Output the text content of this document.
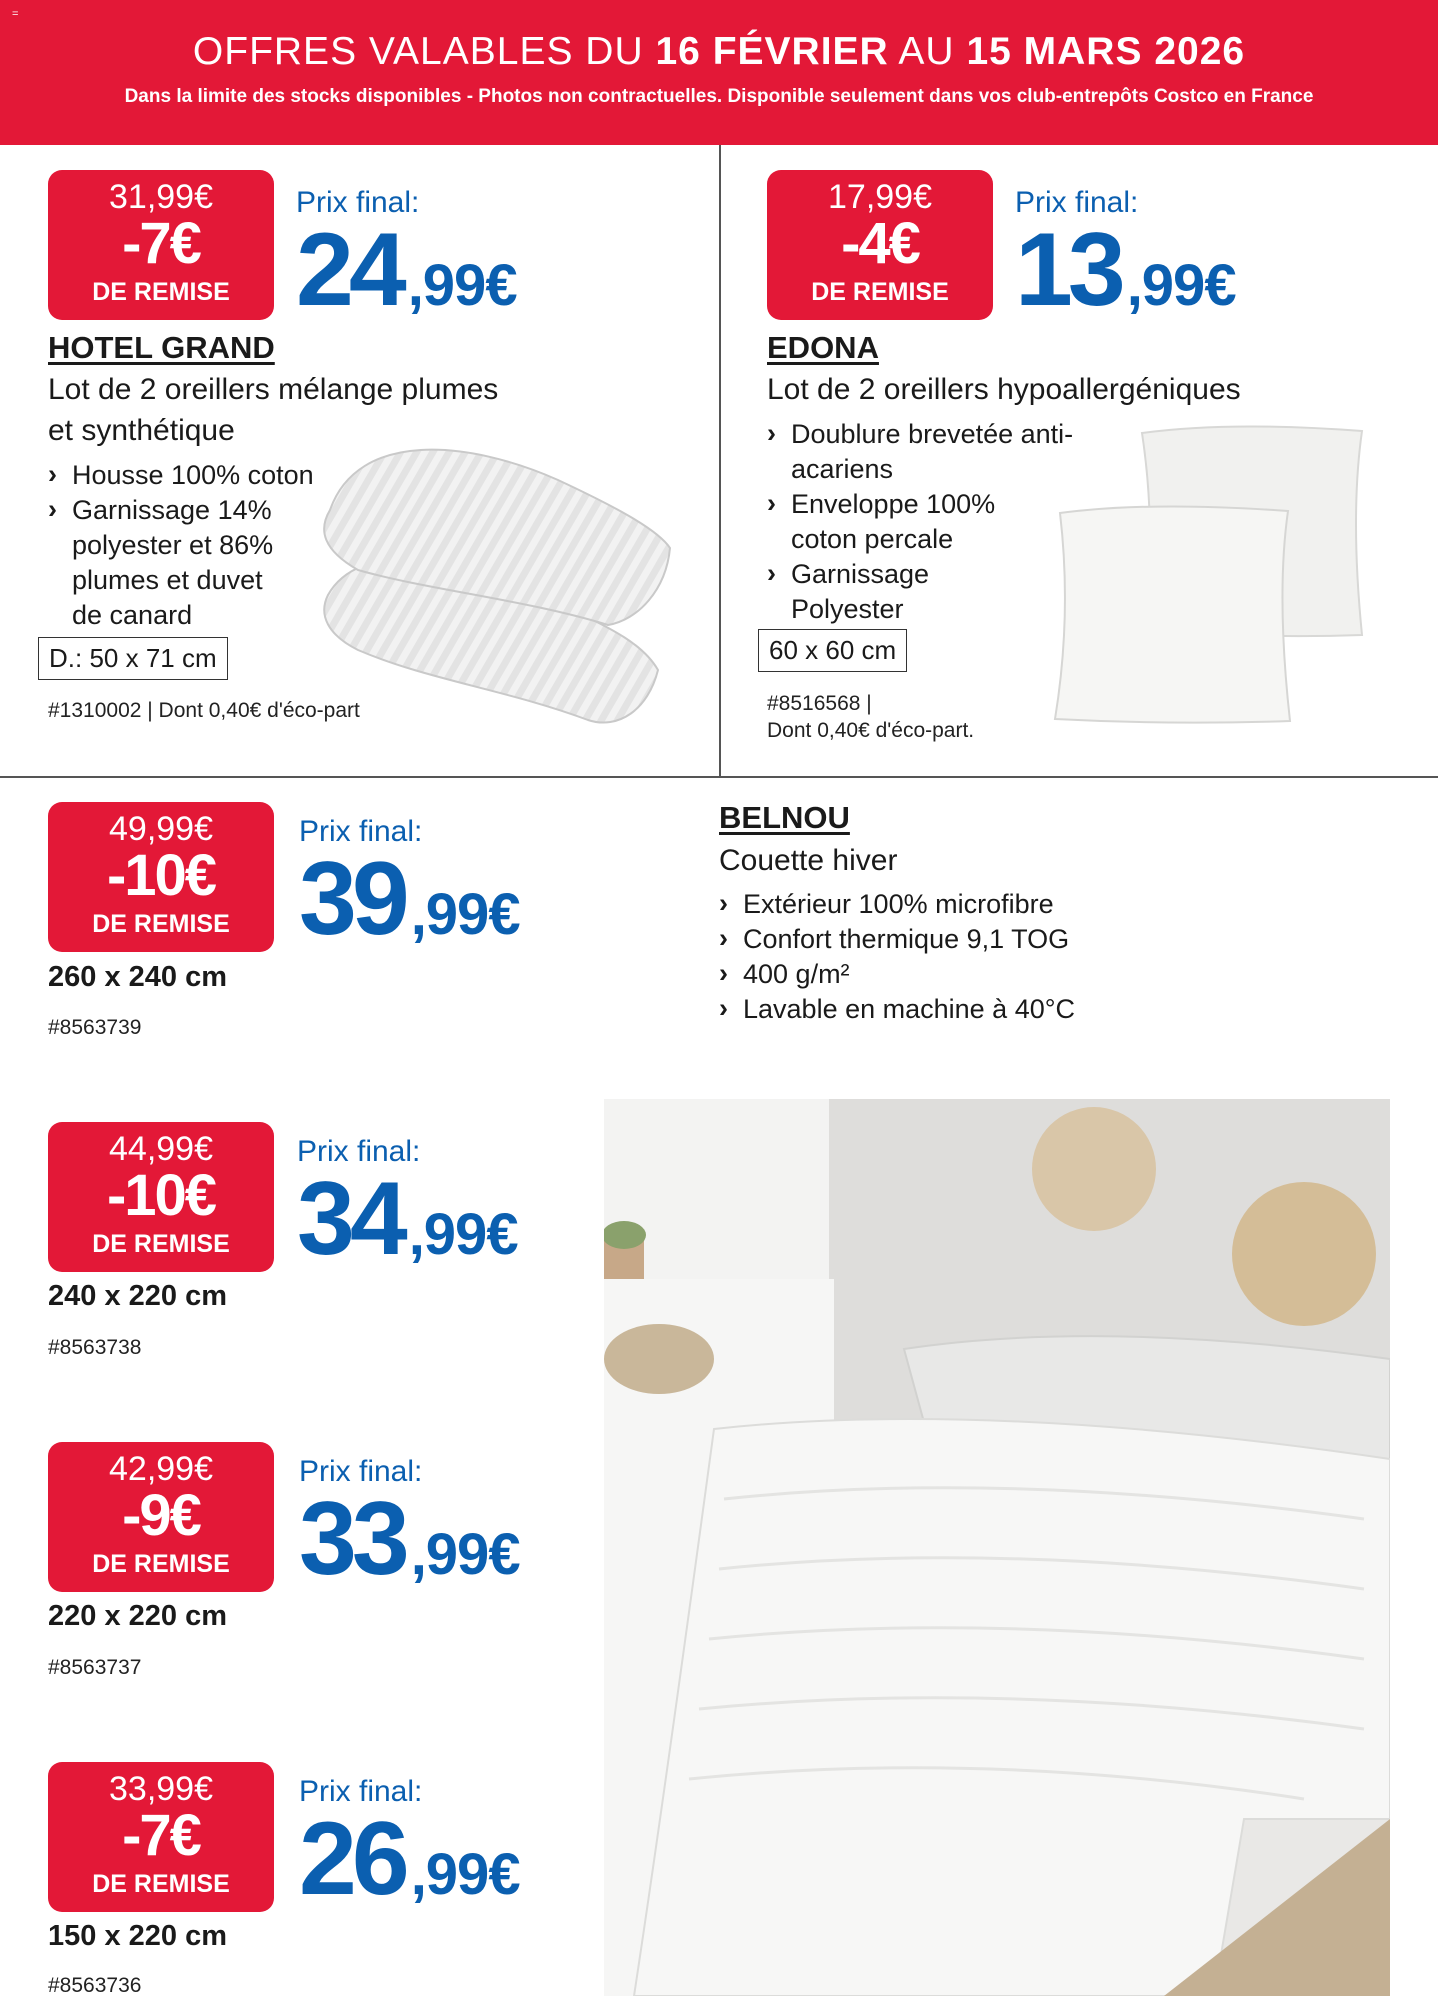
=
OFFRES VALABLES DU 16 FÉVRIER AU 15 MARS 2026
Dans la limite des stocks disponibles - Photos non contractuelles. Disponible seulement dans vos club-entrepôts Costco en France
31,99€
-7€
DE REMISE
Prix final:
24 ,99€
HOTEL GRAND
Lot de 2 oreillers mélange plumes
et synthétique
› Housse 100% coton
› Garnissage 14%
polyester et 86%
plumes et duvet
de canard
D.: 50 x 71 cm
#1310002 | Dont 0,40€ d'éco-part
17,99€
-4€
DE REMISE
Prix final:
13 ,99€
EDONA
Lot de 2 oreillers hypoallergéniques
› Doublure brevetée anti-
acariens
› Enveloppe 100%
coton percale
› Garnissage
Polyester
60 x 60 cm
#8516568 |
Dont 0,40€ d'éco-part.
BELNOU
Couette hiver
› Extérieur 100% microfibre
› Confort thermique 9,1 TOG
› 400 g/m²
› Lavable en machine à 40°C
49,99€
-10€
DE REMISE
Prix final:
39 ,99€
260 x 240 cm
#8563739
44,99€
-10€
DE REMISE
Prix final:
34 ,99€
240 x 220 cm
#8563738
42,99€
-9€
DE REMISE
Prix final:
33 ,99€
220 x 220 cm
#8563737
33,99€
-7€
DE REMISE
Prix final:
26 ,99€
150 x 220 cm
#8563736
